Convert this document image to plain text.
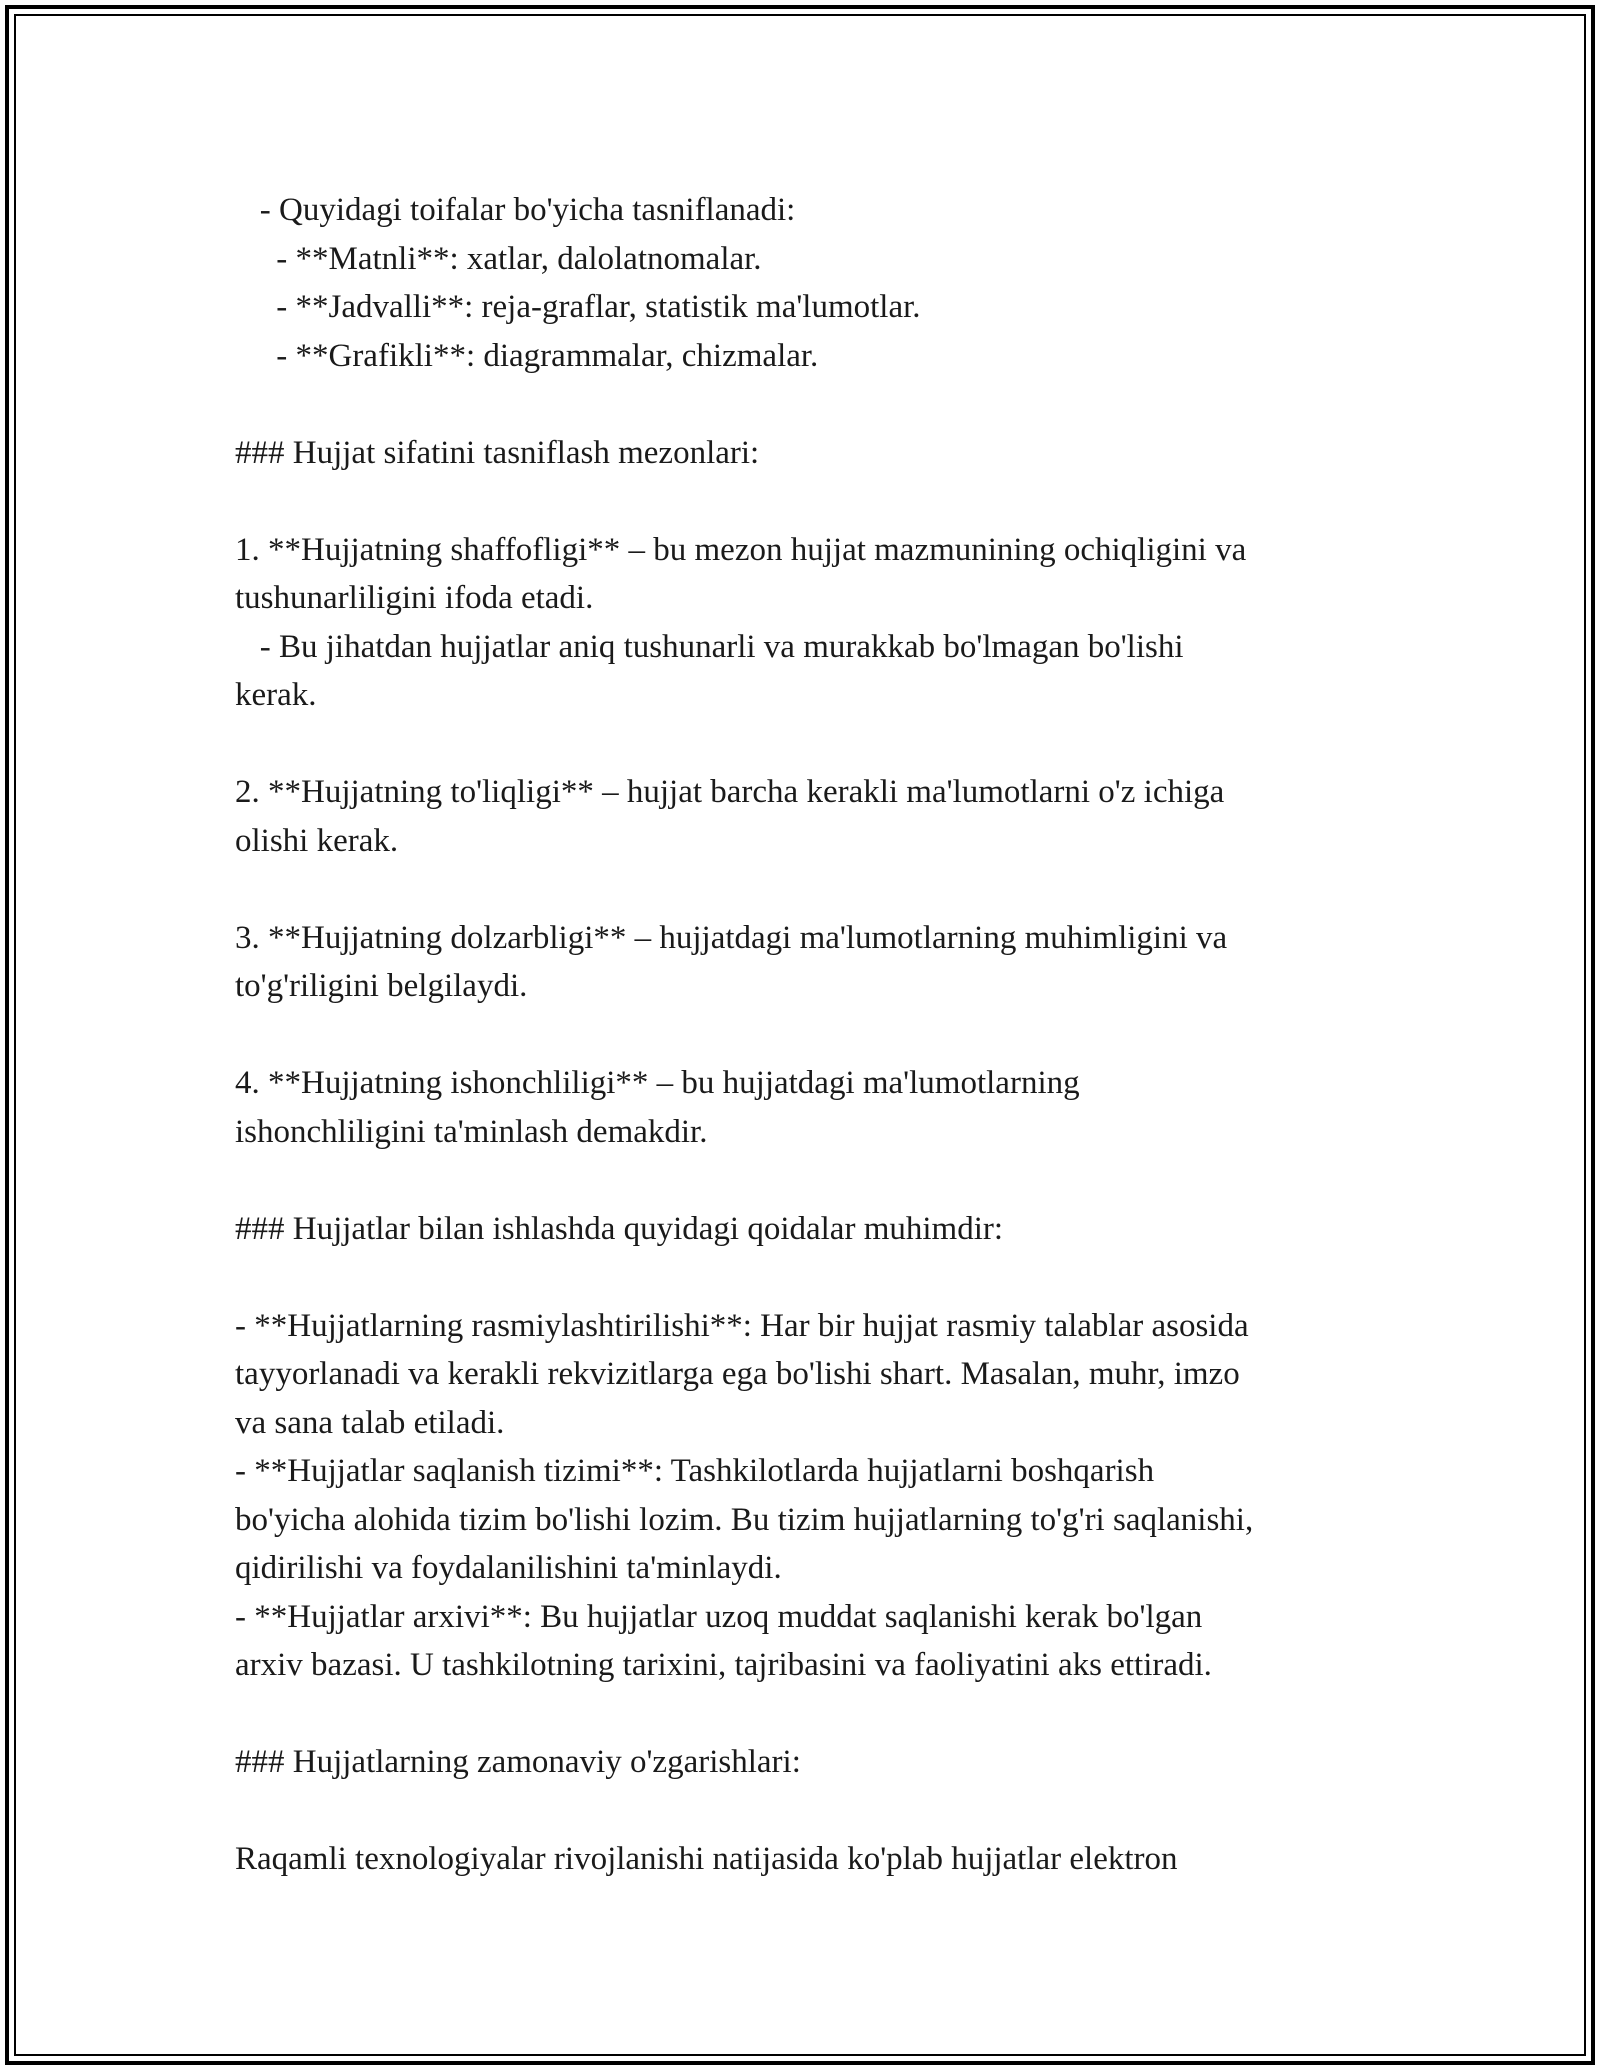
- Quyidagi toifalar bo'yicha tasniflanadi:
- **Matnli**: xatlar, dalolatnomalar.
- **Jadvalli**: reja-graflar, statistik ma'lumotlar.
- **Grafikli**: diagrammalar, chizmalar.
### Hujjat sifatini tasniflash mezonlari:
1. **Hujjatning shaffofligi** – bu mezon hujjat mazmunining ochiqligini va
tushunarliligini ifoda etadi.
- Bu jihatdan hujjatlar aniq tushunarli va murakkab bo'lmagan bo'lishi
kerak.
2. **Hujjatning to'liqligi** – hujjat barcha kerakli ma'lumotlarni o'z ichiga
olishi kerak.
3. **Hujjatning dolzarbligi** – hujjatdagi ma'lumotlarning muhimligini va
to'g'riligini belgilaydi.
4. **Hujjatning ishonchliligi** – bu hujjatdagi ma'lumotlarning
ishonchliligini ta'minlash demakdir.
### Hujjatlar bilan ishlashda quyidagi qoidalar muhimdir:
- **Hujjatlarning rasmiylashtirilishi**: Har bir hujjat rasmiy talablar asosida
tayyorlanadi va kerakli rekvizitlarga ega bo'lishi shart. Masalan, muhr, imzo
va sana talab etiladi.
- **Hujjatlar saqlanish tizimi**: Tashkilotlarda hujjatlarni boshqarish
bo'yicha alohida tizim bo'lishi lozim. Bu tizim hujjatlarning to'g'ri saqlanishi,
qidirilishi va foydalanilishini ta'minlaydi.
- **Hujjatlar arxivi**: Bu hujjatlar uzoq muddat saqlanishi kerak bo'lgan
arxiv bazasi. U tashkilotning tarixini, tajribasini va faoliyatini aks ettiradi.
### Hujjatlarning zamonaviy o'zgarishlari:
Raqamli texnologiyalar rivojlanishi natijasida ko'plab hujjatlar elektron
